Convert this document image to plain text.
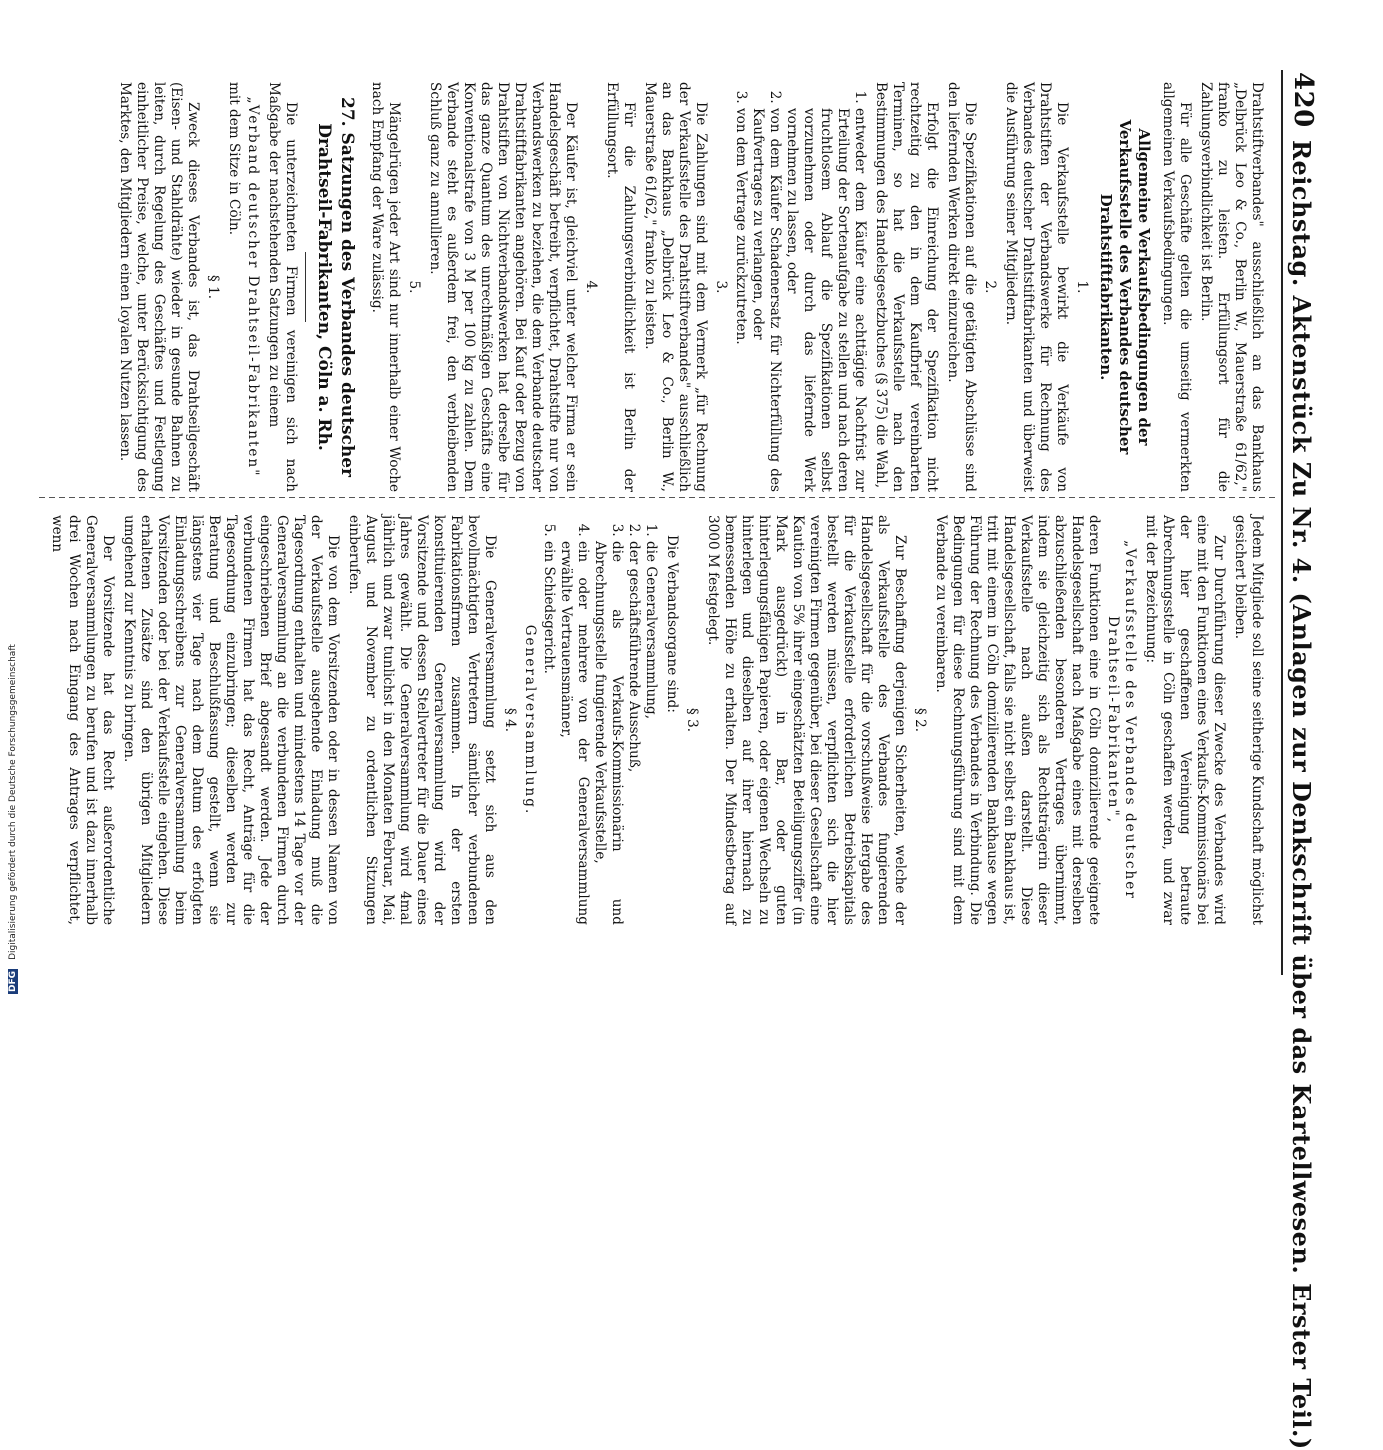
420
Reichstag. Aktenstück Zu Nr. 4. (Anlagen zur Denkschrift über das Kartellwesen. Erster Teil.)

Drahtstiftverbandes" ausschließlich an das Bankhaus „Delbrück Leo & Co., Berlin W., Mauerstraße 61/62," franko zu leisten. Erfüllungsort für die Zahlungsverbindlichkeit ist Berlin.

Für alle Geschäfte gelten die umseitig vermerkten allgemeinen Verkaufsbedingungen.

Allgemeine Verkaufsbedingungen der Verkaufsstelle des Verbandes deutscher Drahtstiftfabrikanten.
1.

Die Verkaufsstelle bewirkt die Verkäufe von Drahtstiften der Verbandswerke für Rechnung des Verbandes deutscher Drahtstiftfabrikanten und überweist die Ausführung seiner Mitgliedern.

2.

Die Spezifikationen auf die getätigten Abschlüsse sind den liefernden Werken direkt einzureichen.

Erfolgt die Einreichung der Spezifikation nicht rechtzeitig zu den in dem Kaufbrief vereinbarten Terminen, so hat die Verkaufsstelle nach den Bestimmungen des Handelsgesetzbuches (§ 375) die Wahl,

1. entweder dem Käufer eine achttägige Nachfrist zur Erteilung der Sortenaufgabe zu stellen und nach deren fruchtlosem Ablauf die Spezifikationen selbst vorzunehmen oder durch das liefernde Werk vornehmen zu lassen, oder
2. von dem Käufer Schadenersatz für Nichterfüllung des Kaufvertrages zu verlangen, oder
3. von dem Vertrage zurückzutreten.
3.

Die Zahlungen sind mit dem Vermerk „für Rechnung der Verkaufsstelle des Drahtstiftverbandes" ausschließlich an das Bankhaus „Delbrück Leo & Co., Berlin W., Mauerstraße 61/62," franko zu leisten.

Für die Zahlungsverbindlichkeit ist Berlin der Erfüllungsort.

4.

Der Käufer ist, gleichviel unter welcher Firma er sein Handelsgeschäft betreibt, verpflichtet, Drahtstifte nur von Verbandswerken zu beziehen, die dem Verbande deutscher Drahtstiftfabrikanten angehören. Bei Kauf oder Bezug von Drahtstiften von Nichtverbandswerken hat derselbe für das ganze Quantum des unrechtmäßigen Geschäfts eine Konventionalstrafe von 3 M per 100 kg zu zahlen. Dem Verbande steht es außerdem frei, den verbleibenden Schluß ganz zu annullieren.

5.

Mängelrügen jeder Art sind nur innerhalb einer Woche nach Empfang der Ware zulässig.

27. Satzungen des Verbandes deutscher Drahtseil-Fabrikanten, Cöln a. Rh.

Die unterzeichneten Firmen vereinigen sich nach Maßgabe der nachstehenden Satzungen zu einem

„Verband deutscher Drahtseil-Fabrikanten"

mit dem Sitze in Cöln.

§ 1.

Zweck dieses Verbandes ist, das Drahtseilgeschäft (Eisen- und Stahldrähte) wieder in gesunde Bahnen zu leiten, durch Regelung des Geschäftes und Festlegung einheitlicher Preise, welche, unter Berücksichtigung des Marktes, den Mitgliedern einen loyalen Nutzen lassen.

Jedem Mitgliede soll seine seitherige Kundschaft möglichst gesichert bleiben.

Zur Durchführung dieser Zwecke des Verbandes wird eine mit den Funktionen eines Verkaufs-Kommissionärs bei der hier geschaffenen Vereinigung betraute Abrechnungsstelle in Cöln geschaffen werden, und zwar mit der Bezeichnung:

„Verkaufsstelle des Verbandes deutscher Drahtseil-Fabrikanten",

deren Funktionen eine in Cöln domizilierende geeignete Handelsgesellschaft nach Maßgabe eines mit derselben abzuschließenden besonderen Vertrages übernimmt, indem sie gleichzeitig sich als Rechtsträgerin dieser Verkaufsstelle nach außen darstellt. Diese Handelsgesellschaft, falls sie nicht selbst ein Bankhaus ist, tritt mit einem in Cöln domizilierenden Bankhause wegen Führung der Rechnung des Verbandes in Verbindung. Die Bedingungen für diese Rechnungsführung sind mit dem Verbande zu vereinbaren.

§ 2.

Zur Beschaffung derjenigen Sicherheiten, welche der als Verkaufsstelle des Verbandes fungierenden Handelsgesellschaft für die vorschußweise Hergabe des für die Verkaufsstelle erforderlichen Betriebskapitals bestellt werden müssen, verpflichten sich die hier vereinigten Firmen gegenüber, bei dieser Gesellschaft eine Kaution von 5% ihrer eingeschätzten Beteiligungsziffer (in Mark ausgedrückt) in Bar, oder guten hinterlegungsfähigen Papieren, oder eigenen Wechseln zu hinterlegen und dieselben auf ihrer hiernach zu bemessenden Höhe zu erhalten. Der Mindestbetrag auf 3000 M festgelegt.

§ 3.

Die Verbandsorgane sind:

1. die Generalversammlung,
2. der geschäftsführende Ausschuß,
3. die als Verkaufs-Kommissionärin und Abrechnungsstelle fungierende Verkaufsstelle,
4. ein oder mehrere von der Generalversammlung erwählte Vertrauensmänner,
5. ein Schiedsgericht.
Generalversammlung.
§ 4.

Die Generalversammlung setzt sich aus den bevollmächtigten Vertretern sämtlicher verbundenen Fabrikationsfirmen zusammen. In der ersten konstituierenden Generalversammlung wird der Vorsitzende und dessen Stellvertreter für die Dauer eines Jahres gewählt. Die Generalversammlung wird 4mal jährlich und zwar tunlichst in den Monaten Februar, Mai, August und November zu ordentlichen Sitzungen einberufen.

Die von dem Vorsitzenden oder in dessen Namen von der Verkaufsstelle ausgehende Einladung muß die Tagesordnung enthalten und mindestens 14 Tage vor der Generalversammlung an die verbundenen Firmen durch eingeschriebenen Brief abgesandt werden. Jede der verbundenen Firmen hat das Recht, Anträge für die Tagesordnung einzubringen; dieselben werden zur Beratung und Beschlußfassung gestellt, wenn sie längstens vier Tage nach dem Datum des erfolgten Einladungsschreibens zur Generalversammlung beim Vorsitzenden oder bei der Verkaufsstelle eingehen. Diese erhaltenen Zusätze sind den übrigen Mitgliedern umgehend zur Kenntnis zu bringen.

Der Vorsitzende hat das Recht außerordentliche Generalversammlungen zu berufen und ist dazu innerhalb drei Wochen nach Eingang des Antrages verpflichtet, wenn

DFG Digitalisierung gefördert durch die Deutsche Forschungsgemeinschaft
